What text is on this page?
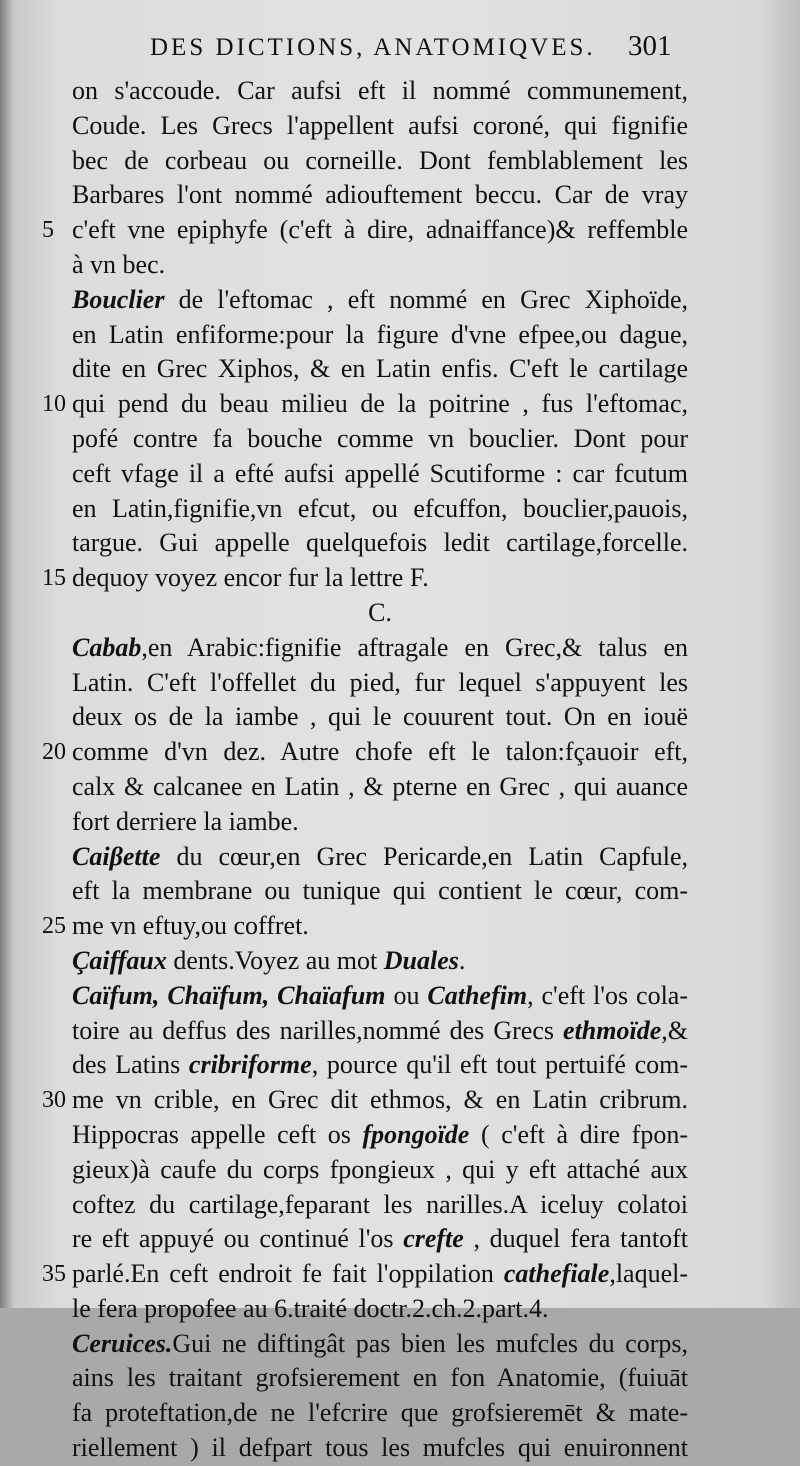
DES DICTIONS, ANATOMIQVES.	301
on s'accoude. Car aufsi eft il nommé communement,
Coude. Les Grecs l'appellent aufsi coroné, qui fignifie
bec de corbeau ou corneille. Dont femblablement les
Barbares l'ont nommé adiouftement beccu. Car de vray
5 c'eft vne epiphyfe (c'eft à dire, adnaiffance)& reffemble
à vn bec.
Bouclier de l'eftomac , eft nommé en Grec Xiphoïde,
en Latin enfiforme:pour la figure d'vne efpee,ou dague,
dite en Grec Xiphos, & en Latin enfis. C'eft le cartilage
10 qui pend du beau milieu de la poitrine , fus l'eftomac,
pofé contre fa bouche comme vn bouclier. Dont pour
ceft vfage il a efté aufsi appellé Scutiforme : car fcutum
en Latin,fignifie,vn efcut, ou efcuffon, bouclier,pauois,
targue. Gui appelle quelquefois ledit cartilage,forcelle.
15 dequoy voyez encor fur la lettre F.
C.
Cabab,en Arabic:fignifie aftragale en Grec,& talus en
Latin. C'eft l'offellet du pied, fur lequel s'appuyent les
deux os de la iambe , qui le couurent tout. On en iouë
20 comme d'vn dez. Autre chofe eft le talon:fçauoir eft,
calx & calcanee en Latin , & pterne en Grec , qui auance
fort derriere la iambe.
Caiβette du cœur,en Grec Pericarde,en Latin Capfule,
eft la membrane ou tunique qui contient le cœur, com-
25 me vn eftuy,ou coffret.
Çaiffaux dents.Voyez au mot Duales.
Caïfum, Chaïfum, Chaïafum ou Cathefim, c'eft l'os cola-
toire au deffus des narilles,nommé des Grecs ethmoïde,&
des Latins cribriforme, pource qu'il eft tout pertuifé com-
30 me vn crible, en Grec dit ethmos, & en Latin cribrum.
Hippocras appelle ceft os fpongoïde ( c'eft à dire fpon-
gieux)à caufe du corps fpongieux , qui y eft attaché aux
coftez du cartilage,feparant les narilles.A iceluy colatoi
re eft appuyé ou continué l'os crefte , duquel fera tantoft
35 parlé.En ceft endroit fe fait l'oppilation cathefiale,laquel-
le fera propofee au 6.traité doctr.2.ch.2.part.4.
Ceruices.Gui ne diftingât pas bien les mufcles du corps,
ains les traitant grofsierement en fon Anatomie, (fuiuāt
fa proteftation,de ne l'efcrire que grofsieremēt & mate-
riellement ) il defpart tous les mufcles qui enuironnent
